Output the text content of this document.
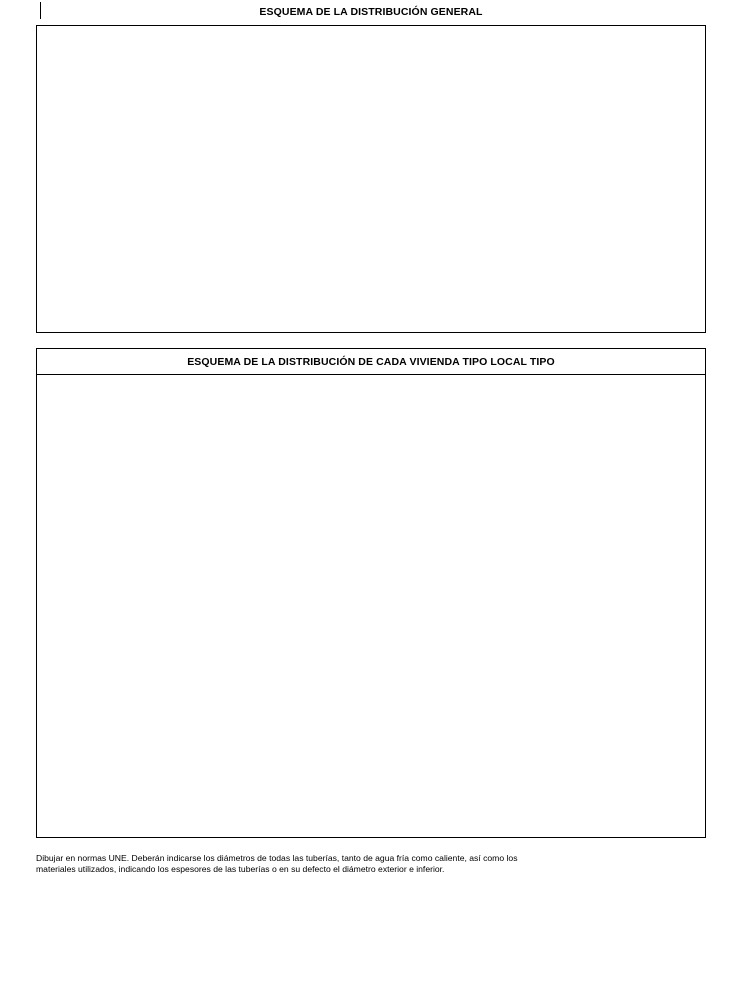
ESQUEMA DE LA DISTRIBUCIÓN GENERAL
ESQUEMA DE LA DISTRIBUCIÓN DE CADA VIVIENDA TIPO LOCAL TIPO
Dibujar en normas UNE. Deberán indicarse los diámetros de todas las tuberías, tanto de agua fría como caliente, así como los
materiales utilizados, indicando los espesores de las tuberías o en su defecto el diámetro exterior e inferior.
